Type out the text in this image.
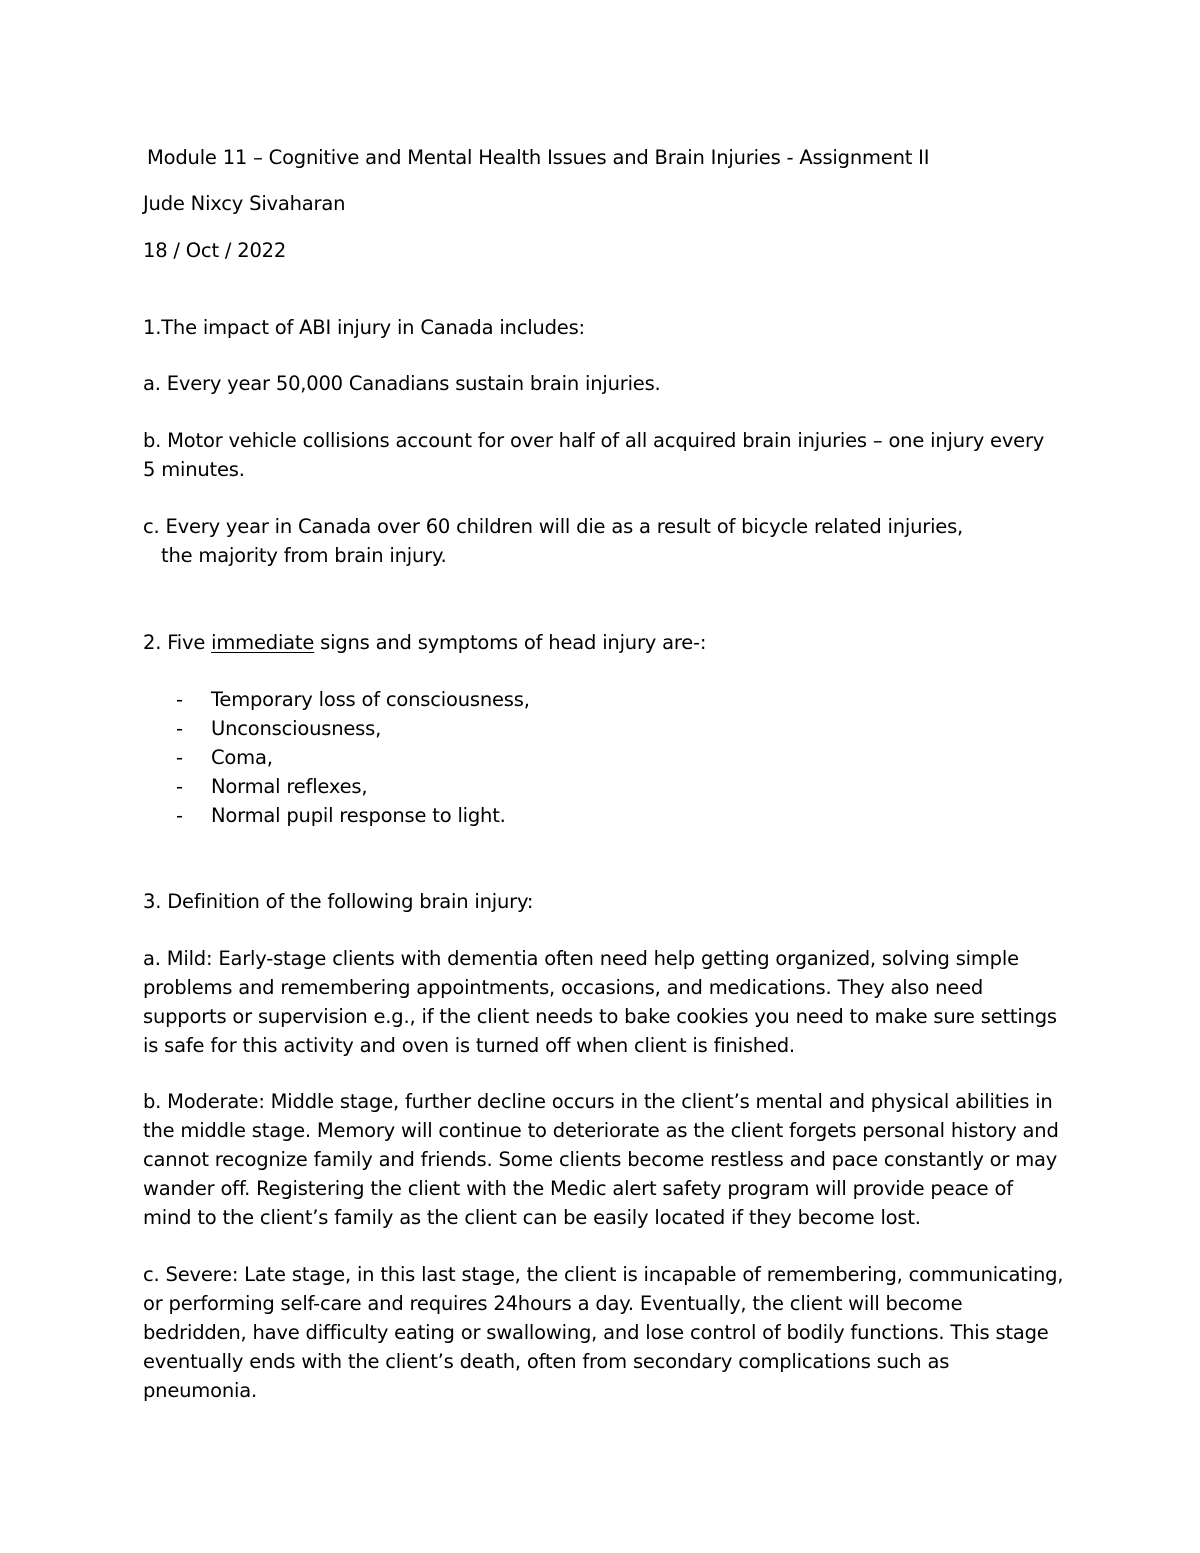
Module 11 – Cognitive and Mental Health Issues and Brain Injuries - Assignment II
Jude Nixcy Sivaharan
18 / Oct / 2022
1.The impact of ABI injury in Canada includes:
a. Every year 50,000 Canadians sustain brain injuries.
b. Motor vehicle collisions account for over half of all acquired brain injuries – one injury every
5 minutes.
c. Every year in Canada over 60 children will die as a result of bicycle related injuries,
the majority from brain injury.
2. Five immediate signs and symptoms of head injury are-:
- Temporary loss of consciousness,
- Unconsciousness,
- Coma,
- Normal reflexes,
- Normal pupil response to light.
3. Definition of the following brain injury:
a. Mild: Early-stage clients with dementia often need help getting organized, solving simple
problems and remembering appointments, occasions, and medications. They also need
supports or supervision e.g., if the client needs to bake cookies you need to make sure settings
is safe for this activity and oven is turned off when client is finished.
b. Moderate: Middle stage, further decline occurs in the client’s mental and physical abilities in
the middle stage. Memory will continue to deteriorate as the client forgets personal history and
cannot recognize family and friends. Some clients become restless and pace constantly or may
wander off. Registering the client with the Medic alert safety program will provide peace of
mind to the client’s family as the client can be easily located if they become lost.
c. Severe: Late stage, in this last stage, the client is incapable of remembering, communicating,
or performing self-care and requires 24hours a day. Eventually, the client will become
bedridden, have difficulty eating or swallowing, and lose control of bodily functions. This stage
eventually ends with the client’s death, often from secondary complications such as
pneumonia.
